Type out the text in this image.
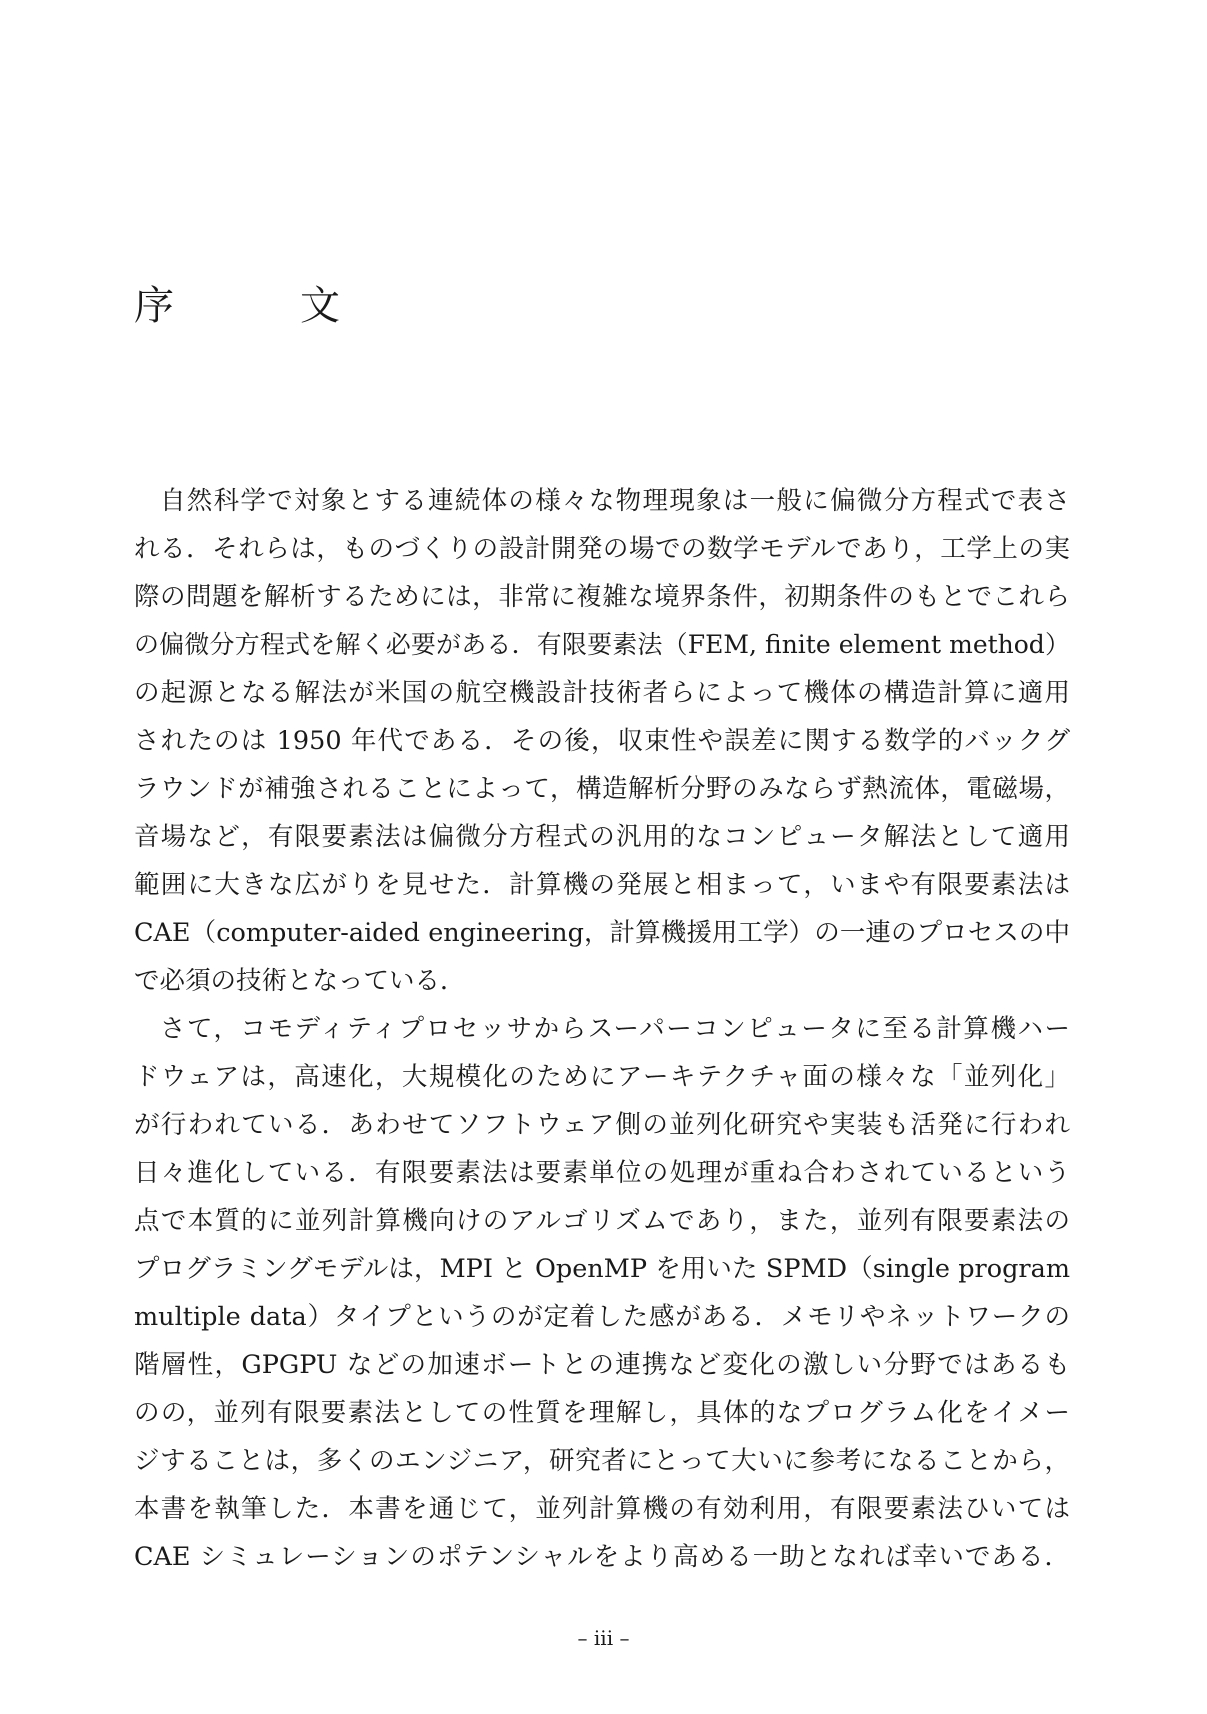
序	文
自然科学で対象とする連続体の様々な物理現象は一般に偏微分方程式で表さ
れる．それらは，ものづくりの設計開発の場での数学モデルであり，工学上の実
際の問題を解析するためには，非常に複雑な境界条件，初期条件のもとでこれら
の偏微分方程式を解く必要がある．有限要素法（FEM, finite element method）
の起源となる解法が米国の航空機設計技術者らによって機体の構造計算に適用
されたのは 1950 年代である．その後，収束性や誤差に関する数学的バックグ
ラウンドが補強されることによって，構造解析分野のみならず熱流体，電磁場，
音場など，有限要素法は偏微分方程式の汎用的なコンピュータ解法として適用
範囲に大きな広がりを見せた．計算機の発展と相まって，いまや有限要素法は
CAE（computer-aided engineering，計算機援用工学）の一連のプロセスの中
で必須の技術となっている．
さて，コモディティプロセッサからスーパーコンピュータに至る計算機ハー
ドウェアは，高速化，大規模化のためにアーキテクチャ面の様々な「並列化」
が行われている．あわせてソフトウェア側の並列化研究や実装も活発に行われ
日々進化している．有限要素法は要素単位の処理が重ね合わされているという
点で本質的に並列計算機向けのアルゴリズムであり，また，並列有限要素法の
プログラミングモデルは，MPI と OpenMP を用いた SPMD（single program
multiple data）タイプというのが定着した感がある．メモリやネットワークの
階層性，GPGPU などの加速ボートとの連携など変化の激しい分野ではあるも
のの，並列有限要素法としての性質を理解し，具体的なプログラム化をイメー
ジすることは，多くのエンジニア，研究者にとって大いに参考になることから，
本書を執筆した．本書を通じて，並列計算機の有効利用，有限要素法ひいては
CAE シミュレーションのポテンシャルをより高める一助となれば幸いである．
– iii –
